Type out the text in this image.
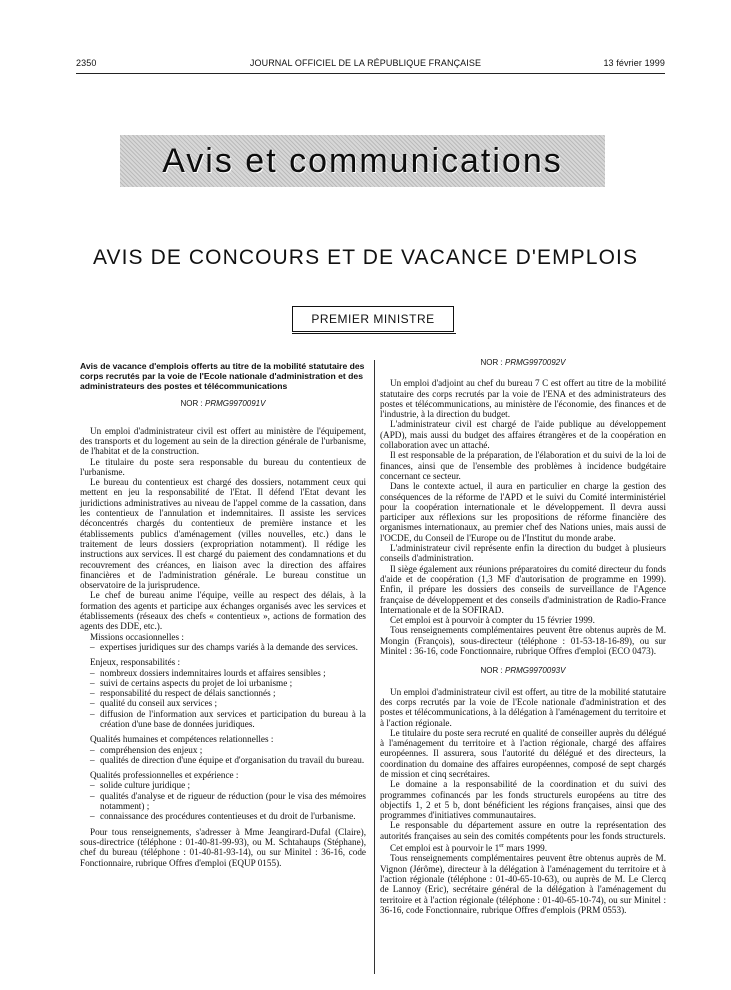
2350	JOURNAL OFFICIEL DE LA RÉPUBLIQUE FRANÇAISE	13 février 1999
Avis et communications
AVIS DE CONCOURS ET DE VACANCE D'EMPLOIS
PREMIER MINISTRE

Avis de vacance d'emplois offerts au titre de la mobilité statutaire des corps recrutés par la voie de l'Ecole nationale d'administration et des administrateurs des postes et télécommunications

NOR : PRMG9970091V

Un emploi d'administrateur civil est offert au ministère de l'équipement, des transports et du logement au sein de la direction générale de l'urbanisme, de l'habitat et de la construction.

Le titulaire du poste sera responsable du bureau du contentieux de l'urbanisme.

Le bureau du contentieux est chargé des dossiers, notamment ceux qui mettent en jeu la responsabilité de l'Etat. Il défend l'Etat devant les juridictions administratives au niveau de l'appel comme de la cassation, dans les contentieux de l'annulation et indemnitaires. Il assiste les services déconcentrés chargés du contentieux de première instance et les établissements publics d'aménagement (villes nouvelles, etc.) dans le traitement de leurs dossiers (expropriation notamment). Il rédige les instructions aux services. Il est chargé du paiement des condamnations et du recouvrement des créances, en liaison avec la direction des affaires financières et de l'administration générale. Le bureau constitue un observatoire de la jurisprudence.

Le chef de bureau anime l'équipe, veille au respect des délais, à la formation des agents et participe aux échanges organisés avec les services et établissements (réseaux des chefs « contentieux », actions de formation des agents des DDE, etc.).

Missions occasionnelles :

– expertises juridiques sur des champs variés à la demande des services.

Enjeux, responsabilités :

– nombreux dossiers indemnitaires lourds et affaires sensibles ;
– suivi de certains aspects du projet de loi urbanisme ;
– responsabilité du respect de délais sanctionnés ;
– qualité du conseil aux services ;
– diffusion de l'information aux services et participation du bureau à la création d'une base de données juridiques.

Qualités humaines et compétences relationnelles :

– compréhension des enjeux ;
– qualités de direction d'une équipe et d'organisation du travail du bureau.

Qualités professionnelles et expérience :

– solide culture juridique ;
– qualités d'analyse et de rigueur de réduction (pour le visa des mémoires notamment) ;
– connaissance des procédures contentieuses et du droit de l'urbanisme.

Pour tous renseignements, s'adresser à Mme Jeangirard-Dufal (Claire), sous-directrice (téléphone : 01-40-81-99-93), ou M. Schtahaups (Stéphane), chef du bureau (téléphone : 01-40-81-93-14), ou sur Minitel : 36-16, code Fonctionnaire, rubrique Offres d'emploi (EQUP 0155).

NOR : PRMG9970092V

Un emploi d'adjoint au chef du bureau 7 C est offert au titre de la mobilité statutaire des corps recrutés par la voie de l'ENA et des administrateurs des postes et télécommunications, au ministère de l'économie, des finances et de l'industrie, à la direction du budget.

L'administrateur civil est chargé de l'aide publique au développement (APD), mais aussi du budget des affaires étrangères et de la coopération en collaboration avec un attaché.

Il est responsable de la préparation, de l'élaboration et du suivi de la loi de finances, ainsi que de l'ensemble des problèmes à incidence budgétaire concernant ce secteur.

Dans le contexte actuel, il aura en particulier en charge la gestion des conséquences de la réforme de l'APD et le suivi du Comité interministériel pour la coopération internationale et le développement. Il devra aussi participer aux réflexions sur les propositions de réforme financière des organismes internationaux, au premier chef des Nations unies, mais aussi de l'OCDE, du Conseil de l'Europe ou de l'Institut du monde arabe.

L'administrateur civil représente enfin la direction du budget à plusieurs conseils d'administration.

Il siège également aux réunions préparatoires du comité directeur du fonds d'aide et de coopération (1,3 MF d'autorisation de programme en 1999). Enfin, il prépare les dossiers des conseils de surveillance de l'Agence française de développement et des conseils d'administration de Radio-France Internationale et de la SOFIRAD.

Cet emploi est à pourvoir à compter du 15 février 1999.

Tous renseignements complémentaires peuvent être obtenus auprès de M. Mongin (François), sous-directeur (téléphone : 01-53-18-16-89), ou sur Minitel : 36-16, code Fonctionnaire, rubrique Offres d'emploi (ECO 0473).

NOR : PRMG9970093V

Un emploi d'administrateur civil est offert, au titre de la mobilité statutaire des corps recrutés par la voie de l'Ecole nationale d'administration et des postes et télécommunications, à la délégation à l'aménagement du territoire et à l'action régionale.

Le titulaire du poste sera recruté en qualité de conseiller auprès du délégué à l'aménagement du territoire et à l'action régionale, chargé des affaires européennes. Il assurera, sous l'autorité du délégué et des directeurs, la coordination du domaine des affaires européennes, composé de sept chargés de mission et cinq secrétaires.

Le domaine a la responsabilité de la coordination et du suivi des programmes cofinancés par les fonds structurels européens au titre des objectifs 1, 2 et 5 b, dont bénéficient les régions françaises, ainsi que des programmes d'initiatives communautaires.

Le responsable du département assure en outre la représentation des autorités françaises au sein des comités compétents pour les fonds structurels.

Cet emploi est à pourvoir le 1er mars 1999.

Tous renseignements complémentaires peuvent être obtenus auprès de M. Vignon (Jérôme), directeur à la délégation à l'aménagement du territoire et à l'action régionale (téléphone : 01-40-65-10-63), ou auprès de M. Le Clercq de Lannoy (Eric), secrétaire général de la délégation à l'aménagement du territoire et à l'action régionale (téléphone : 01-40-65-10-74), ou sur Minitel : 36-16, code Fonctionnaire, rubrique Offres d'emplois (PRM 0553).
